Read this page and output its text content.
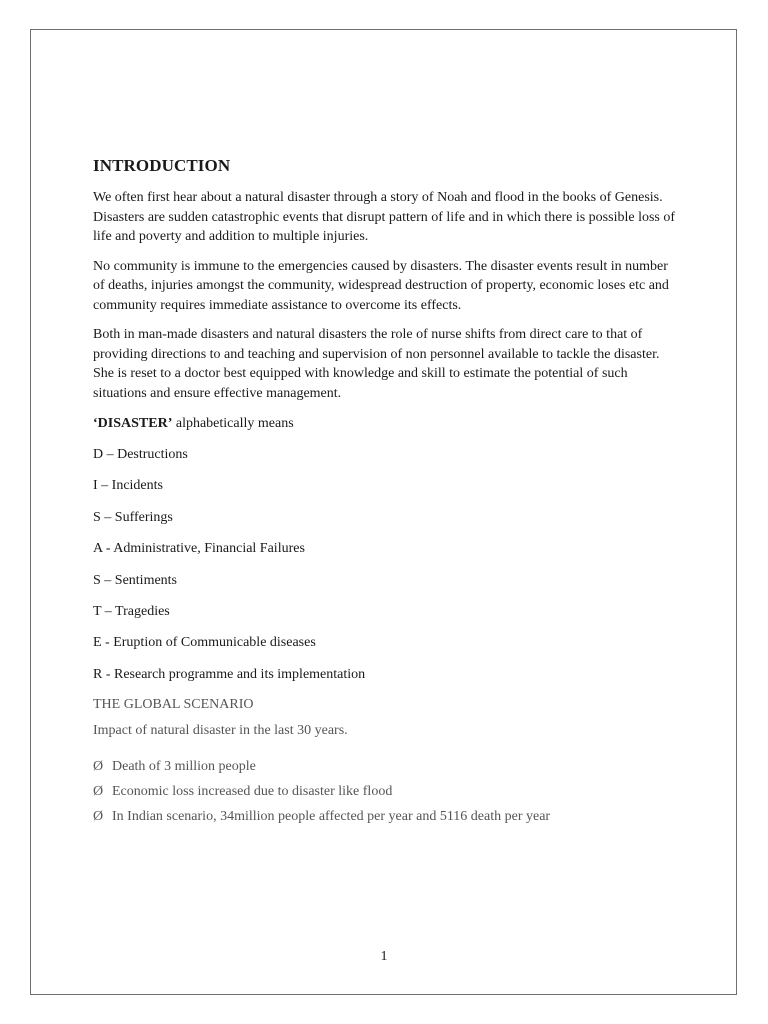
INTRODUCTION

We often first hear about a natural disaster through a story of Noah and flood in the books of Genesis. Disasters are sudden catastrophic events that disrupt pattern of life and in which there is possible loss of life and poverty and addition to multiple injuries.

No community is immune to the emergencies caused by disasters. The disaster events result in number of deaths, injuries amongst the community, widespread destruction of property, economic loses etc and community requires immediate assistance to overcome its effects.

Both in man-made disasters and natural disasters the role of nurse shifts from direct care to that of providing directions to and teaching and supervision of non personnel available to tackle the disaster. She is reset to a doctor best equipped with knowledge and skill to estimate the potential of such situations and ensure effective management.

‘DISASTER’ alphabetically means
D – Destructions
I – Incidents
S – Sufferings
A - Administrative, Financial Failures
S – Sentiments
T – Tragedies
E - Eruption of Communicable diseases
R - Research programme and its implementation
THE GLOBAL SCENARIO
Impact of natural disaster in the last 30 years.
Ø Death of 3 million people
Ø Economic loss increased due to disaster like flood
Ø In Indian scenario, 34million people affected per year and 5116 death per year
1
